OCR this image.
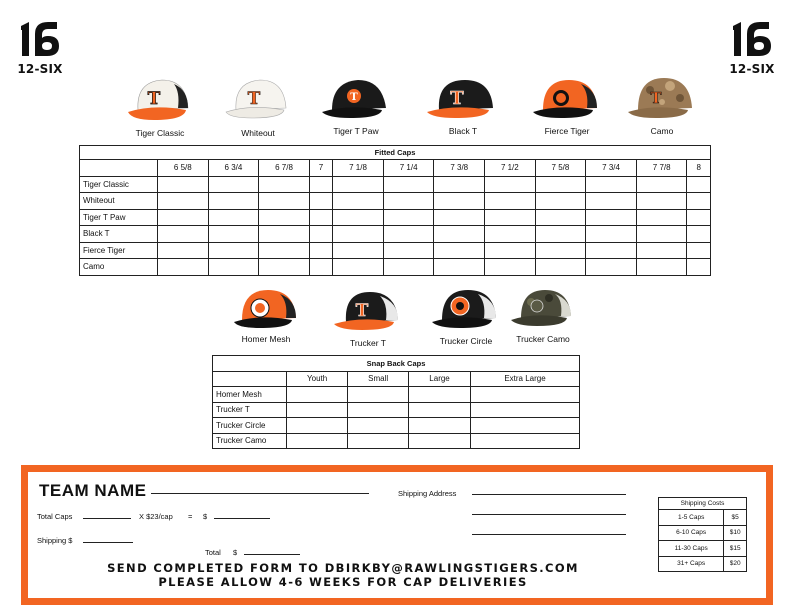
12-SIX	12-SIX
T
Tiger Classic
T
Whiteout
T
Tiger T Paw
T
Black T	Fierce Tiger
T
Camo
Fitted Caps												
	6 5/8	6 3/4	6 7/8	7	7 1/8	7 1/4	7 3/8	7 1/2	7 5/8	7 3/4	7 7/8	8
Tiger Classic												
Whiteout												
Tiger T Paw												
Black T												
Fierce Tiger												
Camo												
Homer Mesh
T
Trucker T	Trucker Circle	Trucker Camo
Snap Back Caps				
	Youth	Small	Large	Extra Large
Homer Mesh				
Trucker T				
Trucker Circle				
Trucker Camo				
TEAM NAME	Shipping Address
Total Caps	X $23/cap = $
Shipping $
Total $
SEND COMPLETED FORM TO DBIRKBY@RAWLINGSTIGERS.COM
PLEASE ALLOW 4-6 WEEKS FOR CAP DELIVERIES
Shipping Costs	
1-5 Caps	$5
6-10 Caps	$10
11-30 Caps	$15
31+ Caps	$20
